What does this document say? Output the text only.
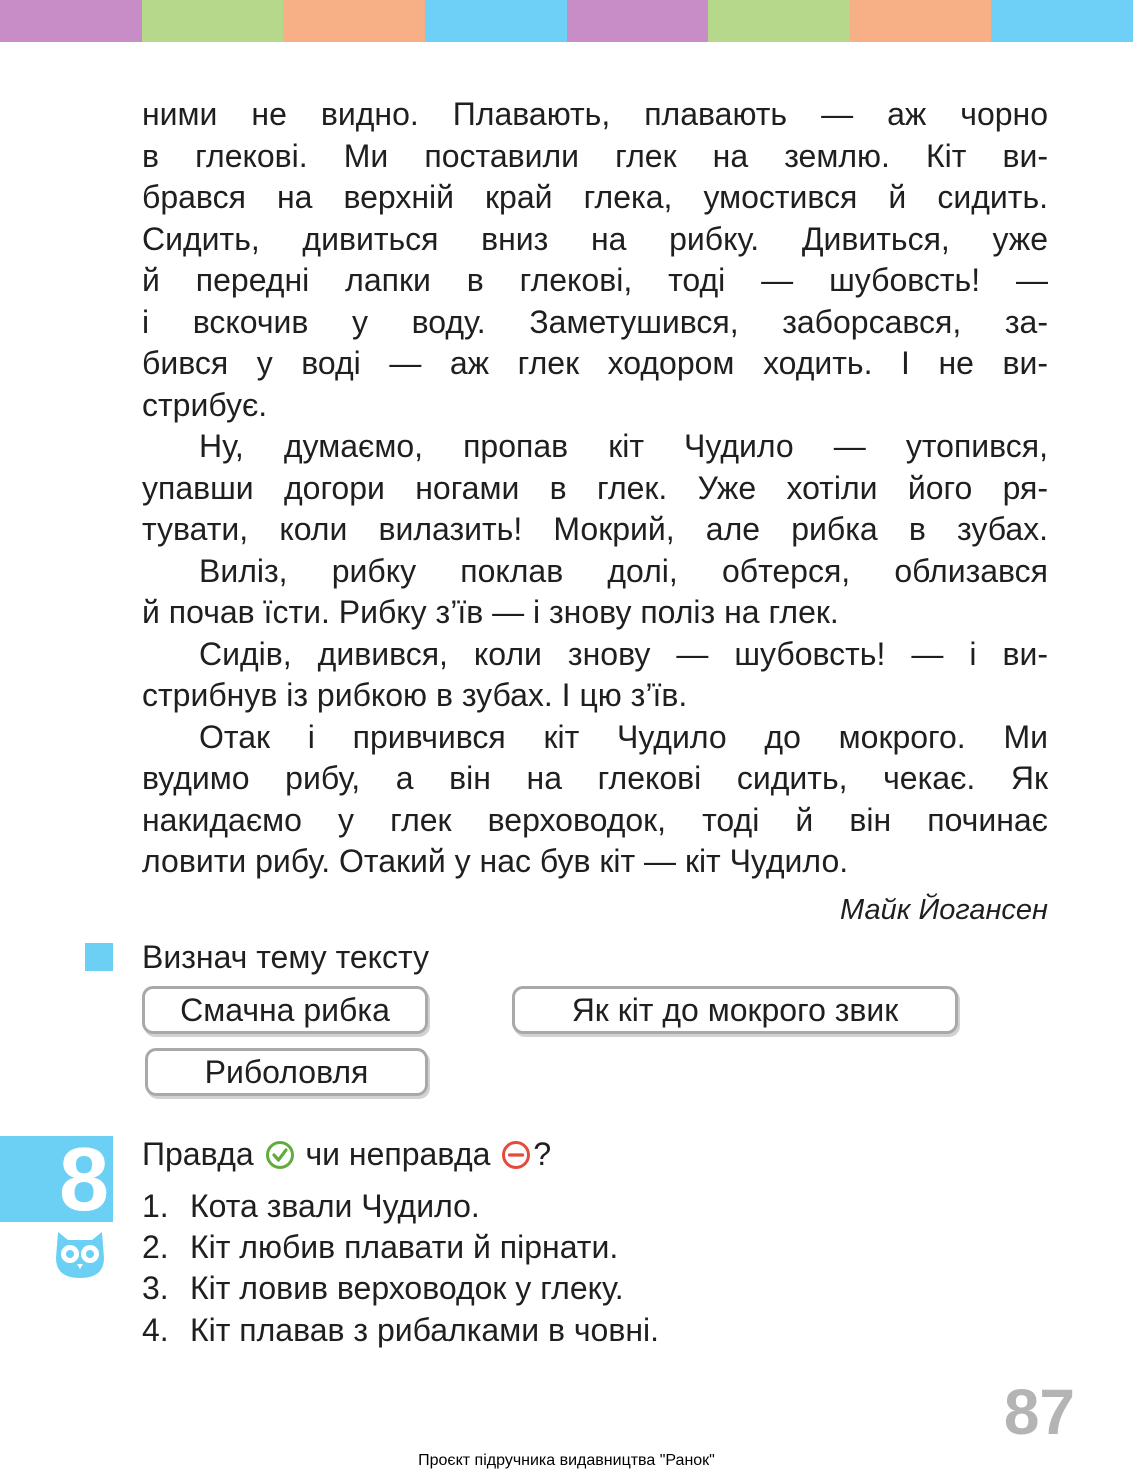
ними не видно. Плавають, плавають — аж чорно
в глекові. Ми поставили глек на землю. Кіт ви-
брався на верхній край глека, умостився й сидить.
Сидить, дивиться вниз на рибку. Дивиться, уже
й передні лапки в глекові, тоді — шубовсть! —
і вскочив у воду. Заметушився, заборсався, за-
бився у воді — аж глек ходором ходить. І не ви-
стрибує.
Ну, думаємо, пропав кіт Чудило — утопився,
упавши догори ногами в глек. Уже хотіли його ря-
тувати, коли вилазить! Мокрий, але рибка в зубах.
Виліз, рибку поклав долі, обтерся, облизався
й почав їсти. Рибку з’їв — і знову поліз на глек.
Сидів, дивився, коли знову — шубовсть! — і ви-
стрибнув із рибкою в зубах. І цю з’їв.
Отак і привчився кіт Чудило до мокрого. Ми
вудимо рибу, а він на глекові сидить, чекає. Як
накидаємо у глек верховодок, тоді й він починає
ловити рибу. Отакий у нас був кіт — кіт Чудило.
Майк Йогансен
Визнач тему тексту
Смачна рибка	Як кіт до мокрого звик
Риболовля
8 Правда чи неправда ?
1. Кота звали Чудило.
2. Кіт любив плавати й пірнати.
3. Кіт ловив верховодок у глеку.
4. Кіт плавав з рибалками в човні.
87
Проєкт підручника видавництва "Ранок"
